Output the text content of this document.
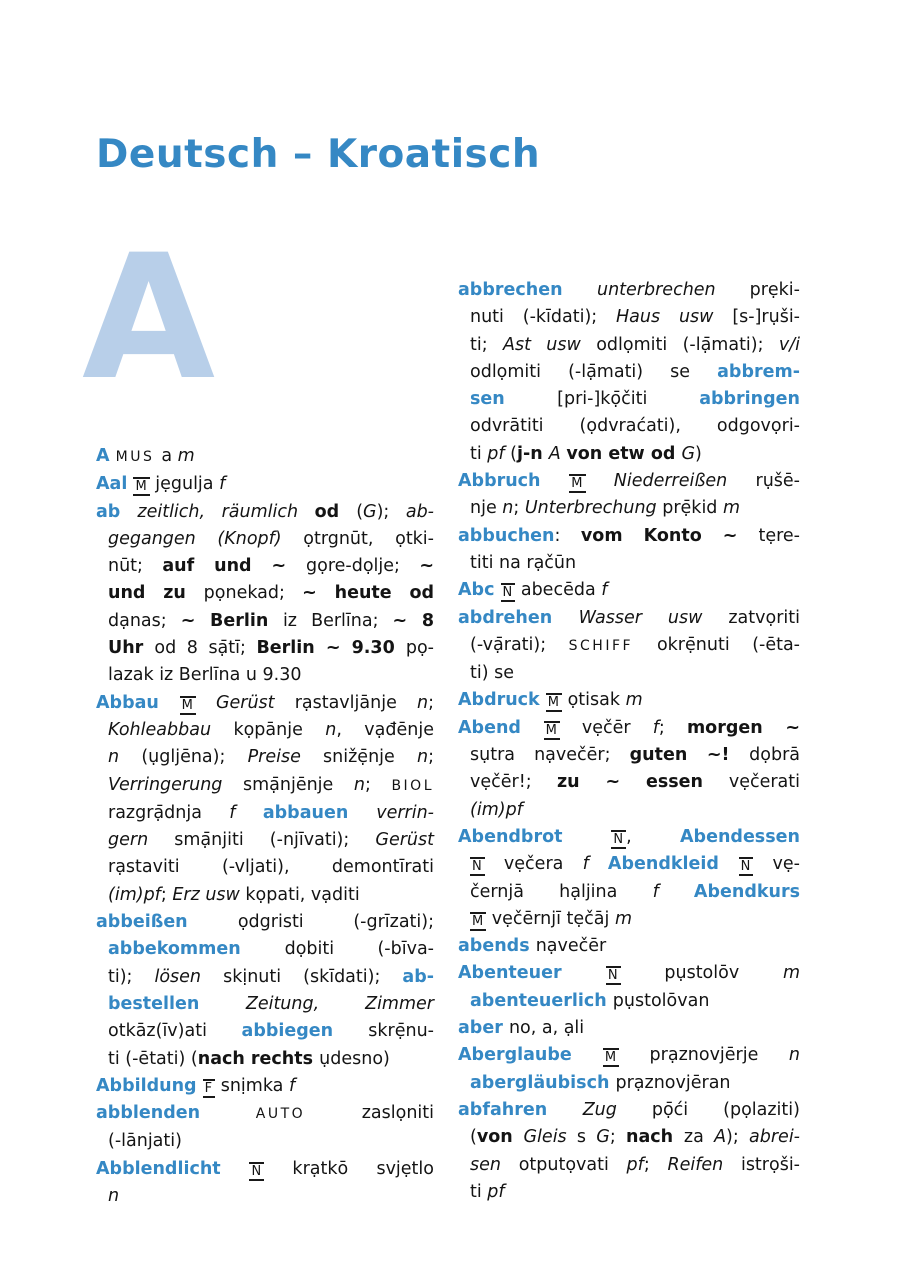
Deutsch – Kroatisch
A
A MUS a m
Aal M jẹgulja f
ab zeitlich, räumlich od (G); ab-
gegangen (Knopf) ọtrgnūt, ọtki-
nūt; auf und ~ gọre-dọlje; ~
und zu pọnekad; ~ heute od
dạnas; ~ Berlin iz Berlīna; ~ 8
Uhr od 8 sạ̄tī; Berlin ~ 9.30 pọ-
lazak iz Berlīna u 9.30
Abbau M Gerüst rạstavljānje n;
Kohleabbau kọpānje n, vạđēnje
n (ụgljēna); Preise snižẹ̄nje n;
Verringerung smạ̄njēnje n; BIOL
razgrạ̄dnja f abbauen verrin-
gern smạ̄njiti (-njīvati); Gerüst
rạstaviti (-vljati), demontīrati
(im)pf; Erz usw kọpati, vạditi
abbeißen ọdgristi (-grīzati);
abbekommen dọbiti (-bīva-
ti); lösen skịnuti (skīdati); ab-
bestellen Zeitung, Zimmer
otkāz(īv)ati abbiegen skrẹ̄nu-
ti (-ētati) (nach rechts ụdesno)
Abbildung F snịmka f
abblenden AUTO zaslọniti
(-lānjati)
Abblendlicht N krạtkō svjẹtlo
n
abbrechen unterbrechen prẹki-
nuti (-kīdati); Haus usw [s-]rụši-
ti; Ast usw odlọmiti (-lạ̄mati); v/i
odlọmiti (-lạ̄mati) se abbrem-
sen [pri-]kọ̄čiti abbringen
odvrātiti (ọdvraćati), odgovọri-
ti pf (j-n A von etw od G)
Abbruch M Niederreißen rụšē-
nje n; Unterbrechung prẹ̄kid m
abbuchen: vom Konto ~ tẹre-
titi na rạčūn
Abc N abecēda f
abdrehen Wasser usw zatvọriti
(-vạ̄rati); SCHIFF okrẹ̄nuti (-ēta-
ti) se
Abdruck M ọtisak m
Abend M vẹčēr f; morgen ~
sụtra nạvečēr; guten ~! dọbrā
vẹčēr!; zu ~ essen vẹčerati
(im)pf
Abendbrot N , Abendessen
N vẹčera f Abendkleid N vẹ-
černjā hạljina f Abendkurs
M vẹčērnjī tẹčāj m
abends nạvečēr
Abenteuer N pụstolōv m
abenteuerlich pụstolōvan
aber no, a, ạli
Aberglaube M prạznovjērje n
abergläubisch prạznovjēran
abfahren Zug pọ̄ći (pọlaziti)
(von Gleis s G; nach za A); abrei-
sen otputọvati pf; Reifen istrọši-
ti pf
